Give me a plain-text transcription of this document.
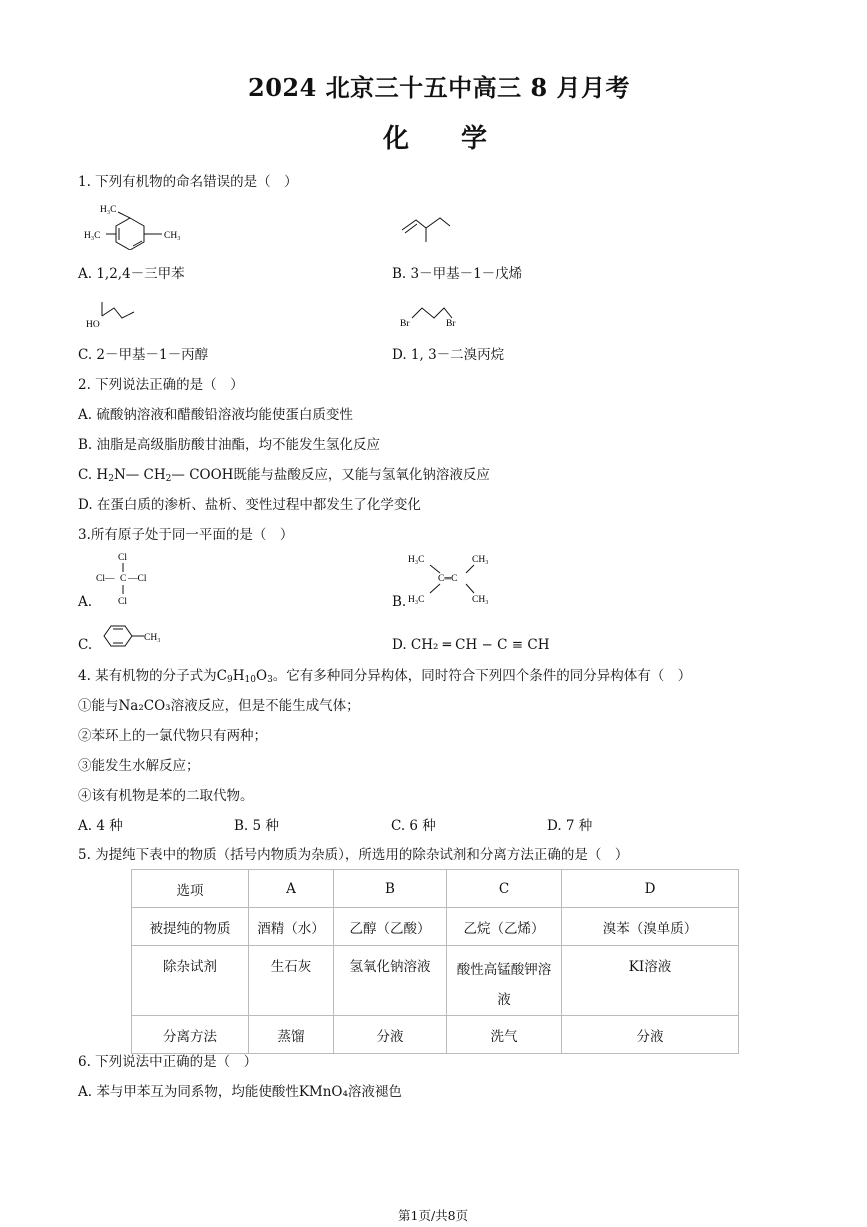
2024 北京三十五中高三 8 月月考
化　　学
1. 下列有机物的命名错误的是（　）
H₃C
H₃C	CH₃
A. 1,2,4－三甲苯	B. 3－甲基－1－戊烯
HO	Br	Br
C. 2－甲基－1－丙醇	D. 1, 3－二溴丙烷
2. 下列说法正确的是（　）
A. 硫酸钠溶液和醋酸铅溶液均能使蛋白质变性
B. 油脂是高级脂肪酸甘油酯，均不能发生氢化反应
C. $H_2N—$ $CH_2—$ COOH既能与盐酸反应，又能与氢氧化钠溶液反应
D. 在蛋白质的渗析、盐析、变性过程中都发生了化学变化
3.所有原子处于同一平面的是（　）
Cl
Cl— C —Cl
Cl
A.
H₃C	CH₃
C═C
H₃C	CH₃
B.
CH₃
C.	D. CH₂ ═ CH − C ≡ CH
4. 某有机物的分子式为$C_9H_{10}O_3$。它有多种同分异构体，同时符合下列四个条件的同分异构体有（　）
①能与Na₂CO₃溶液反应，但是不能生成气体；
②苯环上的一氯代物只有两种；
③能发生水解反应；
④该有机物是苯的二取代物。
A. 4 种	B. 5 种	C. 6 种	D. 7 种
5. 为提纯下表中的物质（括号内物质为杂质），所选用的除杂试剂和分离方法正确的是（　）
选项	A	B	C	D
被提纯的物质	酒精（水）	乙醇（乙酸）	乙烷（乙烯）	溴苯（溴单质）
除杂试剂	生石灰	氢氧化钠溶液	酸性高锰酸钾溶液	KI溶液
分离方法	蒸馏	分液	洗气	分液
6. 下列说法中正确的是（　）
A. 苯与甲苯互为同系物，均能使酸性KMnO₄溶液褪色
第1页/共8页
